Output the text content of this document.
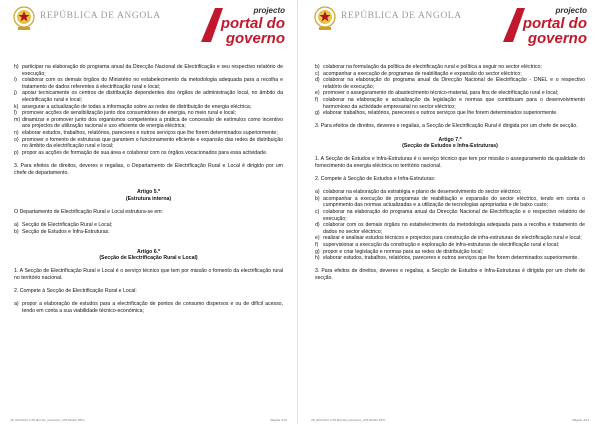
REPÚBLICA DE ANGOLA
projecto
portal do
governo
h) participar na elaboração do programa anual da Direcção Nacional de Electrificação e seu respectivo relatório de execução;
i) colaborar com os demais órgãos do Ministério no estabelecimento da metodologia adequada para a recolha e tratamento de dados referentes à electrificação rural e local;
j) apoiar tecnicamente os centros de distribuição dependentes dos órgãos de administração local, no âmbito da electrificação rural e local;
k) assegurar a actualização de todas a informação sobre as redes de distribuição de energia eléctrica;
l) promover acções de sensibilização junto dos consumidores de energia, no meio rural e local;
m) dinamizar e promover junto dos organismos competentes a prática de concessão de estímulos como incentivo aos projectos de utilização racional e uso eficiente de energia eléctrica;
n) elaborar estudos, trabalhos, relatórios, pareceres e outros serviços que lhe forem determinados superiormente;
o) promover o fomento de estruturas que garantem o funcionamento eficiente e expansão das redes de distribuição no âmbito da electrificação rural e local;
p) propor as acções de formação de sua área e colaborar com os órgãos vocacionados para essa actividade.

3. Para efeitos de direitos, deveres e regalias, o Departamento de Electrificação Rural e Local é dirigido por um chefe de departamento.

Artigo 5.º

(Estrutura interna)

O Departamento de Electrificação Rural e Local estrutura-se em:

a) Secção de Electrificação Rural e Local;
b) Secção de Estudos e Infra-Estruturas.

Artigo 6.º

(Secção de Electrificação Rural e Local)

1. A Secção de Electrificação Rural e Local é o serviço técnico que tem por missão o fomento da electrificação rural no território nacional.

2. Compete à Secção de Electrificação Rural e Local:

a) propor a elaboração de estudos para a electrificação de pontos de consumo dispersos e ou de difícil acesso, tendo em conta a sua viabilidade técnico-económica;
28_922/2012 2:39 decreto_executivo_233.09.doc PFG	Página 3/24
REPÚBLICA DE ANGOLA
projecto
portal do
governo
b) colaborar na formulação da política de electrificação rural e política a seguir no sector eléctrico;
c) acompanhar a execução de programas de reabilitação e expansão do sector eléctrico;
d) colaborar na elaboração do programa anual da Direcção Nacional de Electrificação - DNEL e o respectivo relatório de execução;
e) promover o asseguramento do abastecimento técnico-material, para fins de electrificação rural e local;
f) colaborar na elaboração e actualização da legislação e normas que contribuam para o desenvolvimento harmonioso da actividade empresarial no sector eléctrico;
g) elaborar trabalhos, relatórios, pareceres e outros serviços que lhe forem determinados superiormente.

3. Para efeitos de direitos, deveres e regalias, a Secção de Electrificação Rural é dirigida por um chefe de secção.

Artigo 7.º

(Secção de Estudos e Infra-Estruturas)

1. A Secção de Estudos e Infra-Estruturas é o serviço técnico que tem por missão o asseguramento da qualidade do fornecimento da energia eléctrica no território nacional.

2. Compete à Secção de Estudos e Infra-Estruturas:

a) colaborar na elaboração da estratégia e plano de desenvolvimento do sector eléctrico;
b) acompanhar a execução de programas de reabilitação e expansão do sector eléctrico, tendo em conta o cumprimento das normas actualizadas e a utilização de tecnologias apropriadas e de baixo custo;
c) colaborar na elaboração do programa anual da Direcção Nacional de Electrificação e o respectivo relatório de execução;
d) colaborar com os demais órgãos no estabelecimento da metodologia adequada para a recolha e tratamento de dados no sector eléctrico;
e) realizar e analisar estudos técnicos e projectos para construção de infra-estruturas de electrificação rural e local;
f) supervisionar a execução da construção e exploração de infra-estruturas de electrificação rural e local;
g) propor e criar legislação e normas para as redes de distribuição local;
h) elaborar estudos, trabalhos, relatórios, pareceres e outros serviços que lhe forem determinados superiormente.

3. Para efeitos de direitos, deveres e regalias, a Secção de Estudos e Infra-Estruturas é dirigida por um chefe de secção.

28_922/2012 2:39 decreto_executivo_233.09.doc PFG	Página 4/24
